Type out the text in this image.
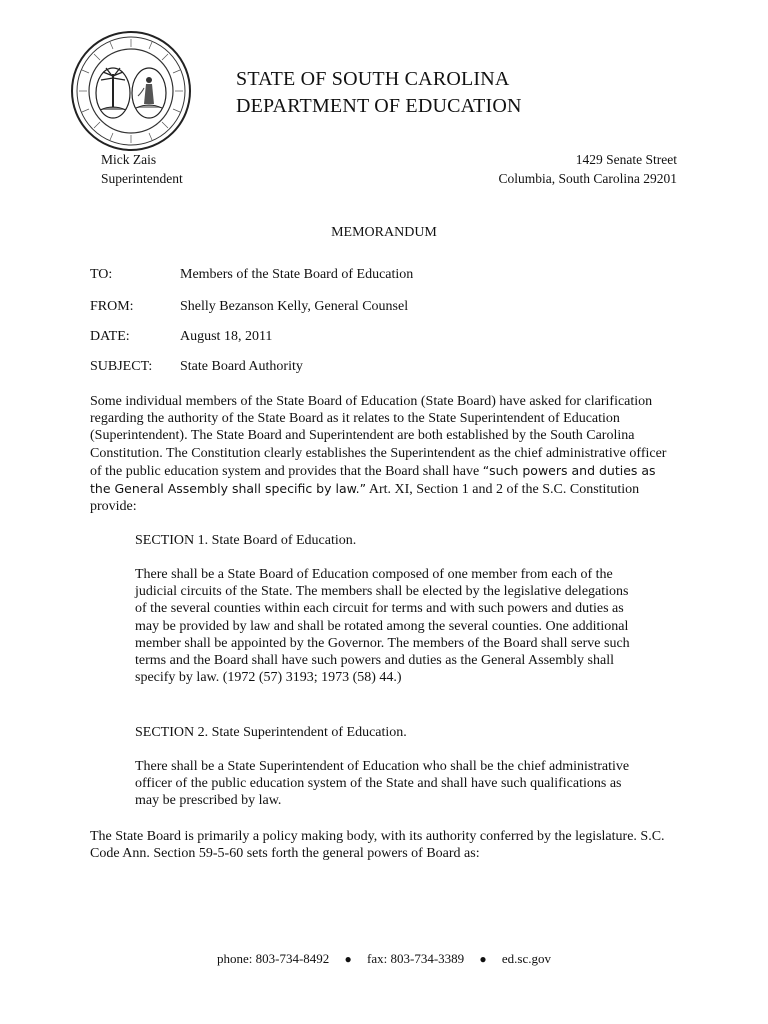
STATE OF SOUTH CAROLINA
DEPARTMENT OF EDUCATION
Mick Zais
Superintendent
1429 Senate Street
Columbia, South Carolina 29201
MEMORANDUM
TO:	Members of the State Board of Education
FROM:	Shelly Bezanson Kelly, General Counsel
DATE:	August 18, 2011
SUBJECT: State Board Authority

Some individual members of the State Board of Education (State Board) have asked for clarification regarding the authority of the State Board as it relates to the State Superintendent of Education (Superintendent). The State Board and Superintendent are both established by the South Carolina Constitution. The Constitution clearly establishes the Superintendent as the chief administrative officer of the public education system and provides that the Board shall have “such powers and duties as the General Assembly shall specific by law.” Art. XI, Section 1 and 2 of the S.C. Constitution provide:

SECTION 1. State Board of Education.
There shall be a State Board of Education composed of one member from each of the judicial circuits of the State. The members shall be elected by the legislative delegations of the several counties within each circuit for terms and with such powers and duties as may be provided by law and shall be rotated among the several counties. One additional member shall be appointed by the Governor. The members of the Board shall serve such terms and the Board shall have such powers and duties as the General Assembly shall specify by law. (1972 (57) 3193; 1973 (58) 44.)
SECTION 2. State Superintendent of Education.
There shall be a State Superintendent of Education who shall be the chief administrative officer of the public education system of the State and shall have such qualifications as may be prescribed by law.
The State Board is primarily a policy making body, with its authority conferred by the legislature. S.C. Code Ann. Section 59-5-60 sets forth the general powers of Board as:
phone: 803-734-8492 ● fax: 803-734-3389 ● ed.sc.gov
